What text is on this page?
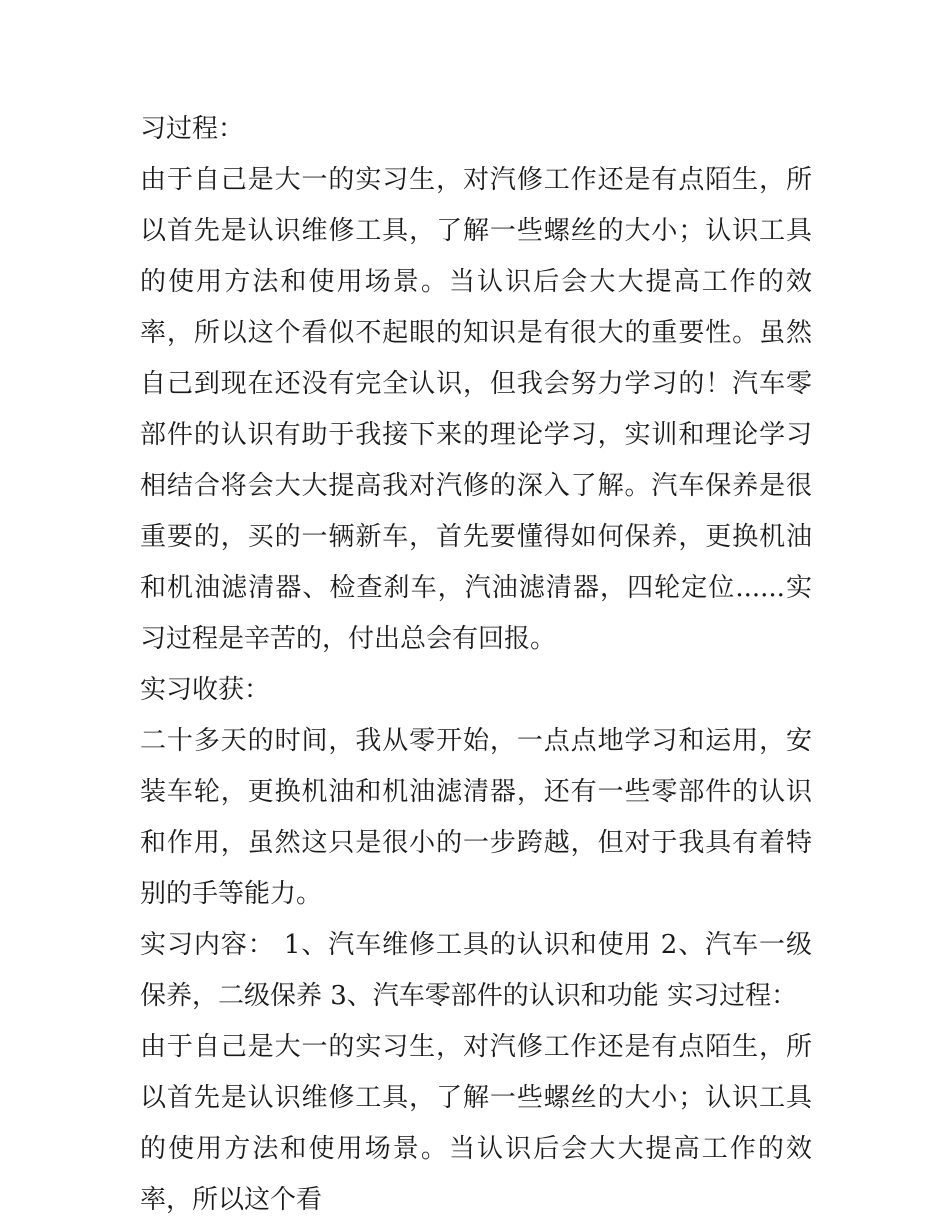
习过程：

由于自己是大一的实习生，对汽修工作还是有点陌生，所以首先是认识维修工具，了解一些螺丝的大小；认识工具的使用方法和使用场景。当认识后会大大提高工作的效率，所以这个看似不起眼的知识是有很大的重要性。虽然自己到现在还没有完全认识，但我会努力学习的！汽车零部件的认识有助于我接下来的理论学习，实训和理论学习相结合将会大大提高我对汽修的深入了解。汽车保养是很重要的，买的一辆新车，首先要懂得如何保养，更换机油和机油滤清器、检查刹车，汽油滤清器，四轮定位......实习过程是辛苦的，付出总会有回报。

实习收获：

二十多天的时间，我从零开始，一点点地学习和运用，安装车轮，更换机油和机油滤清器，还有一些零部件的认识和作用，虽然这只是很小的一步跨越，但对于我具有着特别的手等能力。

实习内容： 1、汽车维修工具的认识和使用 2、汽车一级保养，二级保养 3、汽车零部件的认识和功能 实习过程：

由于自己是大一的实习生，对汽修工作还是有点陌生，所以首先是认识维修工具，了解一些螺丝的大小；认识工具的使用方法和使用场景。当认识后会大大提高工作的效率，所以这个看
